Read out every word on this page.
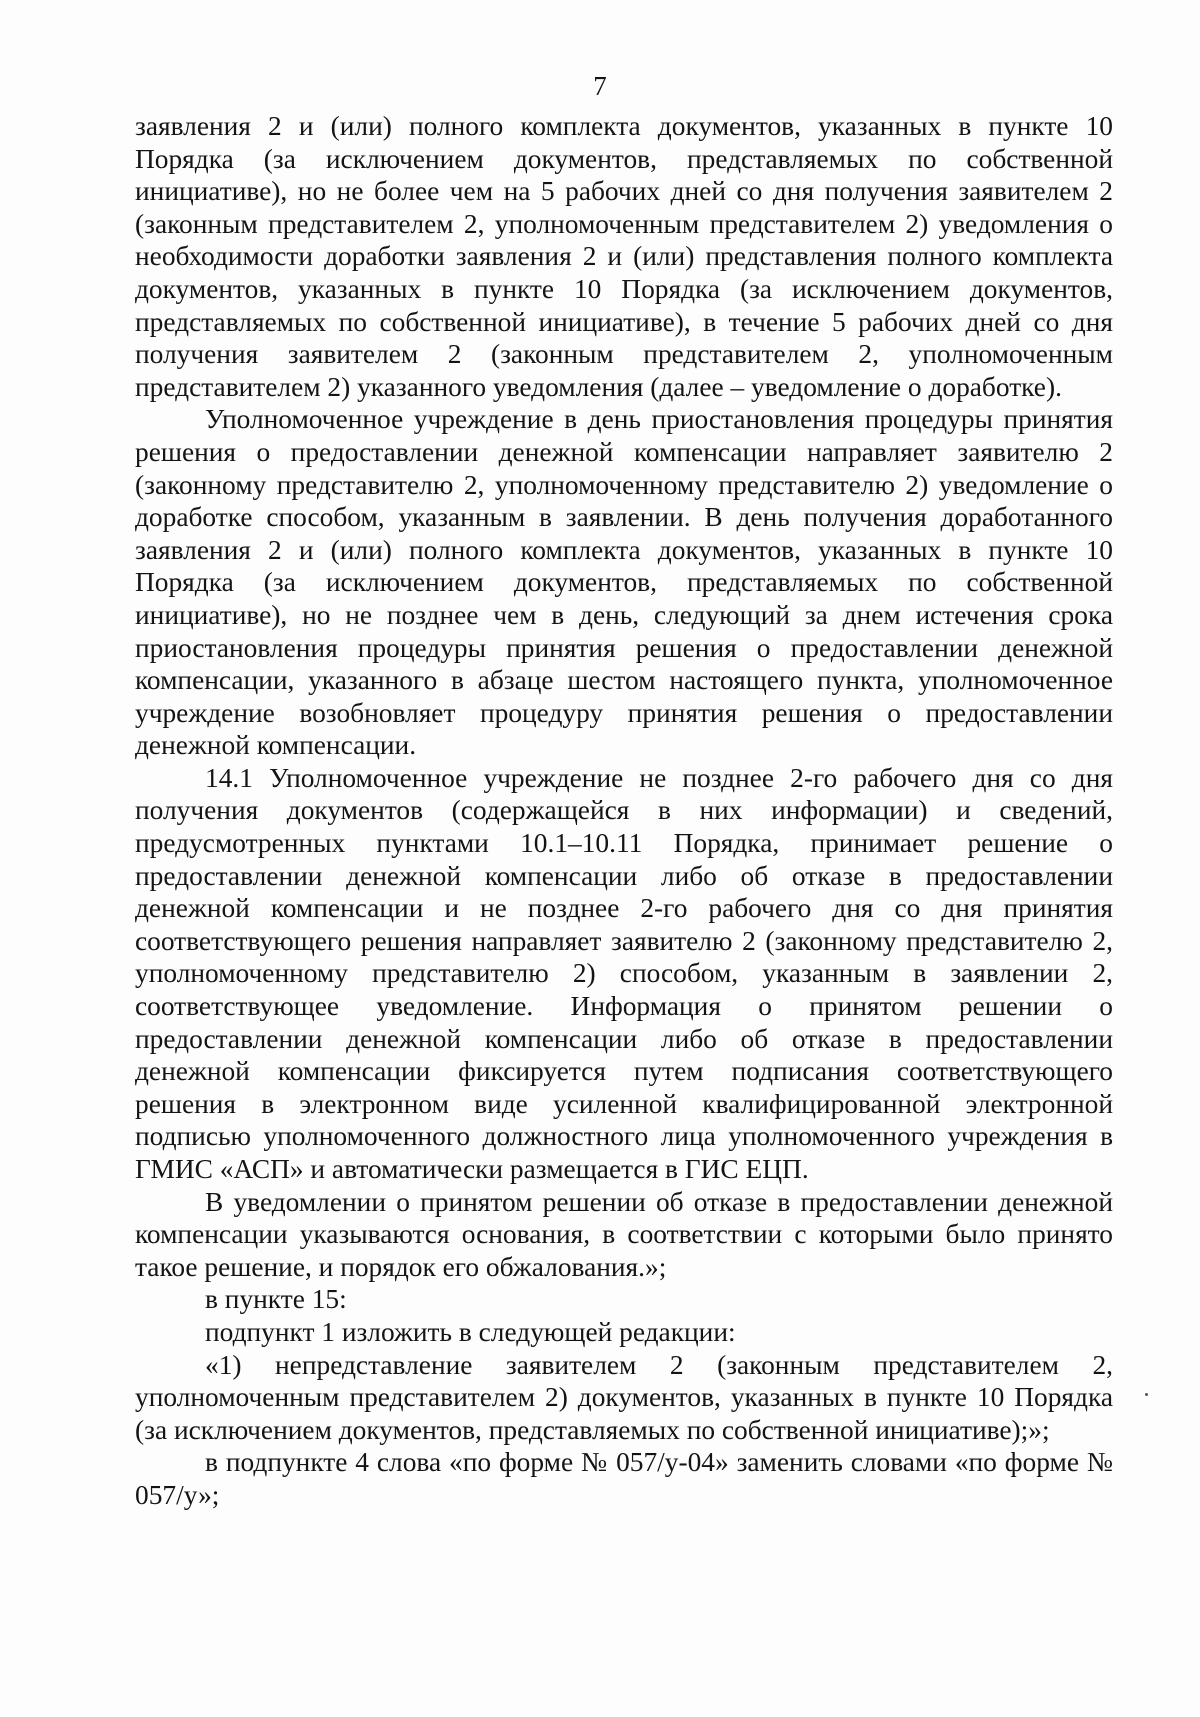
7

заявления 2 и (или) полного комплекта документов, указанных в пункте 10 Порядка (за исключением документов, представляемых по собственной инициативе), но не более чем на 5 рабочих дней со дня получения заявителем 2 (законным представителем 2, уполномоченным представителем 2) уведомления о необходимости доработки заявления 2 и (или) представления полного комплекта документов, указанных в пункте 10 Порядка (за исключением документов, представляемых по собственной инициативе), в течение 5 рабочих дней со дня получения заявителем 2 (законным представителем 2, уполномоченным представителем 2) указанного уведомления (далее – уведомление о доработке).

Уполномоченное учреждение в день приостановления процедуры принятия решения о предоставлении денежной компенсации направляет заявителю 2 (законному представителю 2, уполномоченному представителю 2) уведомление о доработке способом, указанным в заявлении. В день получения доработанного заявления 2 и (или) полного комплекта документов, указанных в пункте 10 Порядка (за исключением документов, представляемых по собственной инициативе), но не позднее чем в день, следующий за днем истечения срока приостановления процедуры принятия решения о предоставлении денежной компенсации, указанного в абзаце шестом настоящего пункта, уполномоченное учреждение возобновляет процедуру принятия решения о предоставлении денежной компенсации.

14.1 Уполномоченное учреждение не позднее 2-го рабочего дня со дня получения документов (содержащейся в них информации) и сведений, предусмотренных пунктами 10.1–10.11 Порядка, принимает решение о предоставлении денежной компенсации либо об отказе в предоставлении денежной компенсации и не позднее 2-го рабочего дня со дня принятия соответствующего решения направляет заявителю 2 (законному представителю 2, уполномоченному представителю 2) способом, указанным в заявлении 2, соответствующее уведомление. Информация о принятом решении о предоставлении денежной компенсации либо об отказе в предоставлении денежной компенсации фиксируется путем подписания соответствующего решения в электронном виде усиленной квалифицированной электронной подписью уполномоченного должностного лица уполномоченного учреждения в ГМИС «АСП» и автоматически размещается в ГИС ЕЦП.

В уведомлении о принятом решении об отказе в предоставлении денежной компенсации указываются основания, в соответствии с которыми было принято такое решение, и порядок его обжалования.»;

в пункте 15:

подпункт 1 изложить в следующей редакции:

«1) непредставление заявителем 2 (законным представителем 2, уполномоченным представителем 2) документов, указанных в пункте 10 Порядка (за исключением документов, представляемых по собственной инициативе);»;

в подпункте 4 слова «по форме № 057/у-04» заменить словами «по форме № 057/у»;
